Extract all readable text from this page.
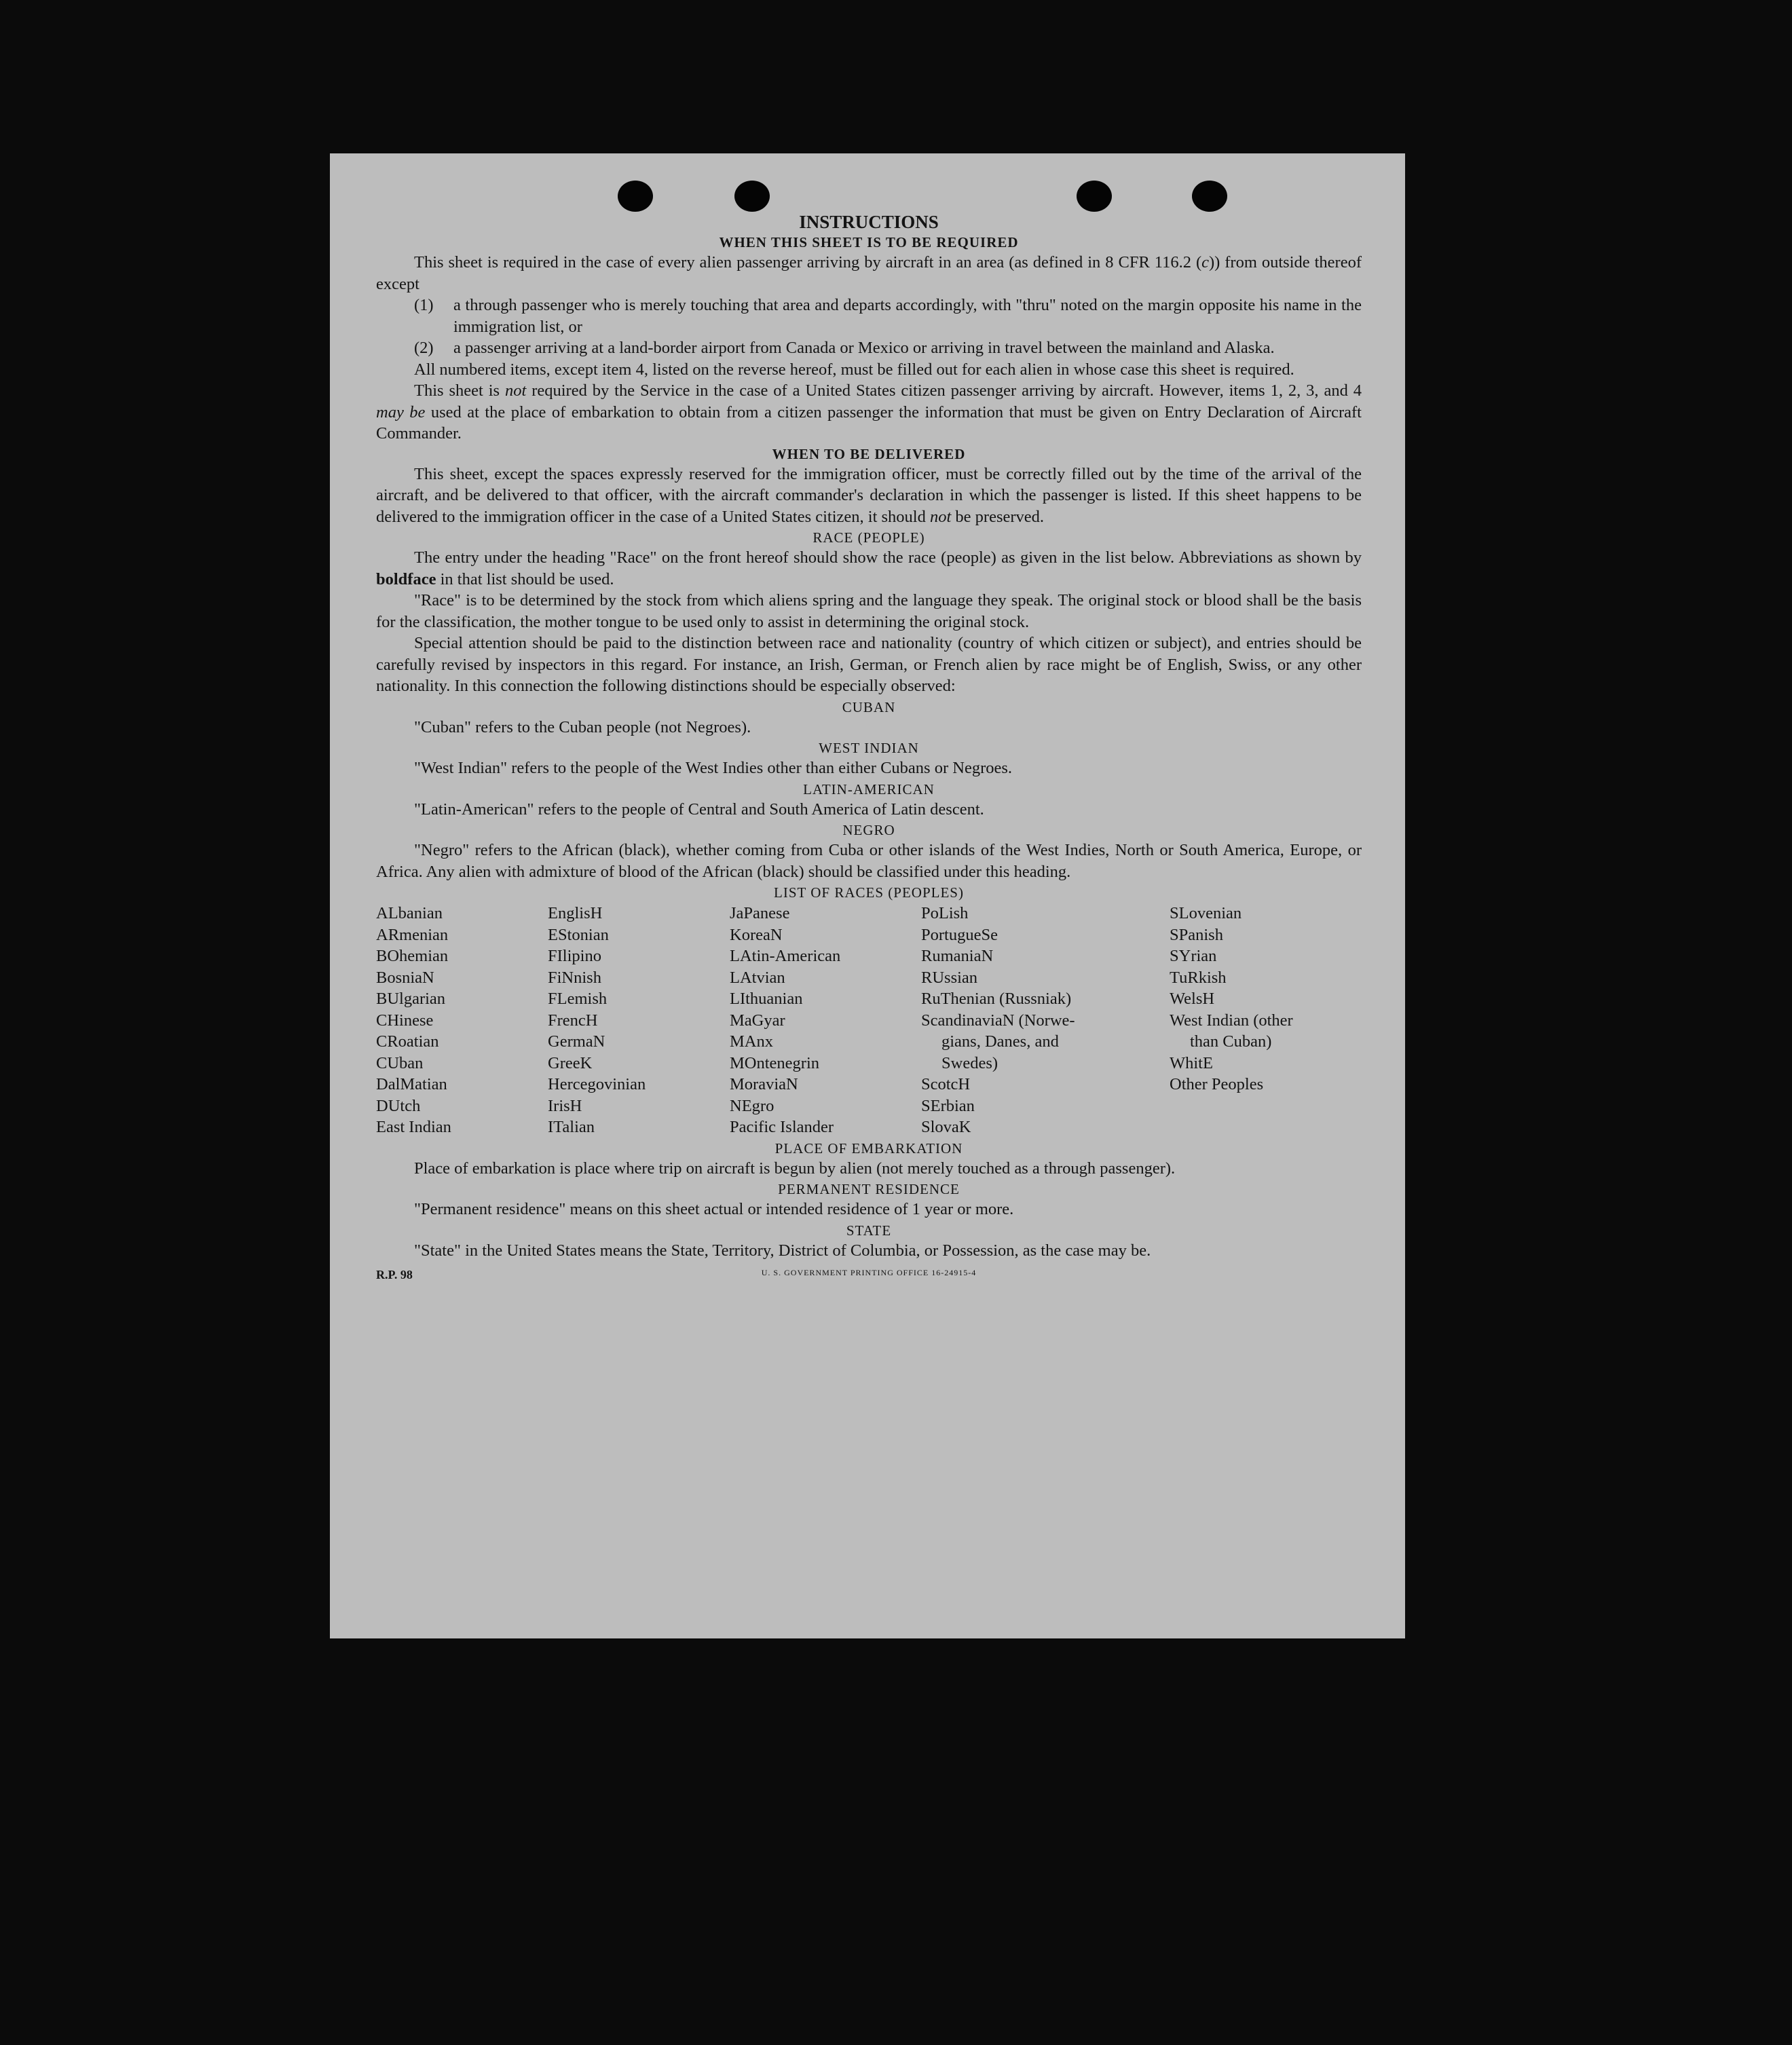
INSTRUCTIONS
WHEN THIS SHEET IS TO BE REQUIRED

This sheet is required in the case of every alien passenger arriving by aircraft in an area (as defined in 8 CFR 116.2 (c)) from outside thereof except

(1) a through passenger who is merely touching that area and departs accordingly, with "thru" noted on the margin opposite his name in the immigration list, or
(2) a passenger arriving at a land-border airport from Canada or Mexico or arriving in travel between the mainland and Alaska.

All numbered items, except item 4, listed on the reverse hereof, must be filled out for each alien in whose case this sheet is required.

This sheet is not required by the Service in the case of a United States citizen passenger arriving by aircraft. However, items 1, 2, 3, and 4 may be used at the place of embarkation to obtain from a citizen passenger the information that must be given on Entry Declaration of Aircraft Commander.

WHEN TO BE DELIVERED

This sheet, except the spaces expressly reserved for the immigration officer, must be correctly filled out by the time of the arrival of the aircraft, and be delivered to that officer, with the aircraft commander's declaration in which the passenger is listed. If this sheet happens to be delivered to the immigration officer in the case of a United States citizen, it should not be preserved.

RACE (PEOPLE)

The entry under the heading "Race" on the front hereof should show the race (people) as given in the list below. Abbreviations as shown by boldface in that list should be used.

"Race" is to be determined by the stock from which aliens spring and the language they speak. The original stock or blood shall be the basis for the classification, the mother tongue to be used only to assist in determining the original stock.

Special attention should be paid to the distinction between race and nationality (country of which citizen or subject), and entries should be carefully revised by inspectors in this regard. For instance, an Irish, German, or French alien by race might be of English, Swiss, or any other nationality. In this connection the following distinctions should be especially observed:

CUBAN

"Cuban" refers to the Cuban people (not Negroes).

WEST INDIAN

"West Indian" refers to the people of the West Indies other than either Cubans or Negroes.

LATIN-AMERICAN

"Latin-American" refers to the people of Central and South America of Latin descent.

NEGRO

"Negro" refers to the African (black), whether coming from Cuba or other islands of the West Indies, North or South America, Europe, or Africa. Any alien with admixture of blood of the African (black) should be classified under this heading.

LIST OF RACES (PEOPLES)
ALbanian
ARmenian
BOhemian
BosniaN
BUlgarian
CHinese
CRoatian
CUban
DalMatian
DUtch
East Indian
EnglisH
EStonian
FIlipino
FiNnish
FLemish
FrencH
GermaN
GreeK
Hercegovinian
IrisH
ITalian
JaPanese
KoreaN
LAtin-American
LAtvian
LIthuanian
MaGyar
MAnx
MOntenegrin
MoraviaN
NEgro
Pacific Islander
PoLish
PortugueSe
RumaniaN
RUssian
RuThenian (Russniak)
ScandinaviaN (Norwe-
gians, Danes, and
Swedes)
ScotcH
SErbian
SlovaK
SLovenian
SPanish
SYrian
TuRkish
WelsH
West Indian (other
than Cuban)
WhitE
Other Peoples
PLACE OF EMBARKATION

Place of embarkation is place where trip on aircraft is begun by alien (not merely touched as a through passenger).

PERMANENT RESIDENCE

"Permanent residence" means on this sheet actual or intended residence of 1 year or more.

STATE

"State" in the United States means the State, Territory, District of Columbia, or Possession, as the case may be.

R.P. 98	U. S. GOVERNMENT PRINTING OFFICE 16-24915-4
